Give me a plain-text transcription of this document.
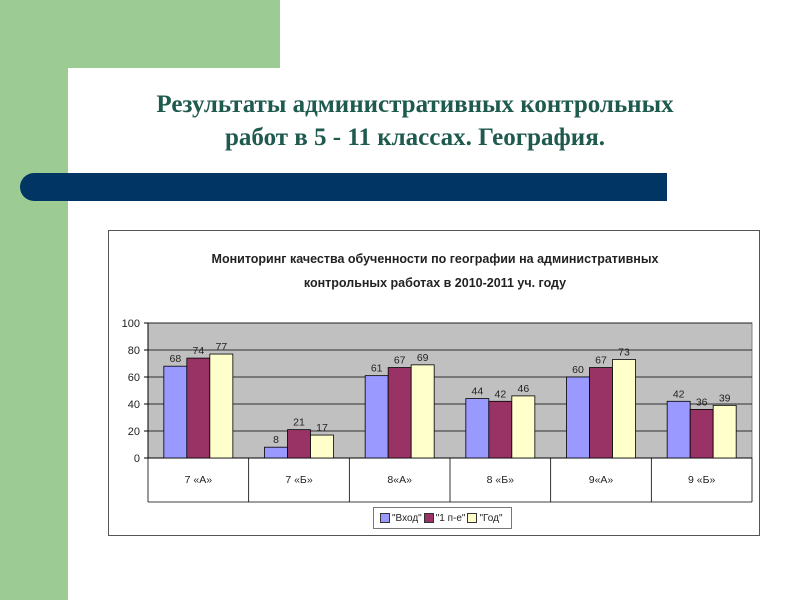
Результаты административных контрольных
работ в 5 - 11 классах. География.
Мониторинг качества обученности по географии на административных
контрольных работах в 2010-2011 уч. году
0
20
40
60
80
100
68
74 77
7 «А»
8
21 17
7 «Б»
61
67 69
8«А»
44 42 46
8 «Б»
60
67
73
9«А»
42
36 39
9 «Б»
"Вход" "1 п-е" "Год"
